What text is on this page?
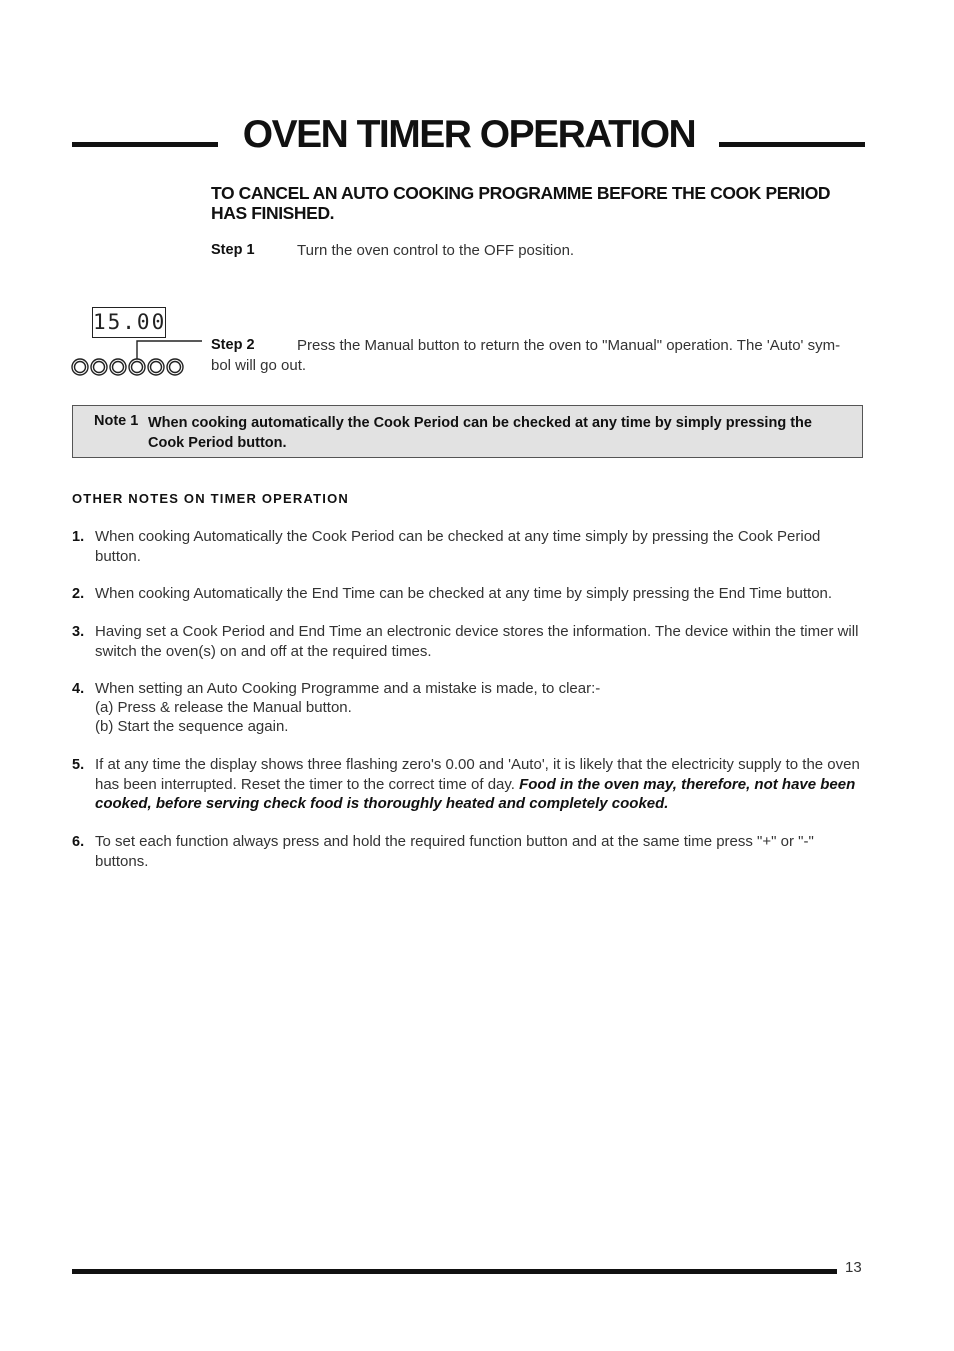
OVEN TIMER OPERATION
TO CANCEL AN AUTO COOKING PROGRAMME BEFORE THE COOK PERIOD HAS FINISHED.
Step 1	Turn the oven control to the OFF position.
15.00
Step 2	Press the Manual button to return the oven to "Manual" operation. The 'Auto' sym-
bol will go out.
Note 1 When cooking automatically the Cook Period can be checked at any time by simply pressing the Cook Period button.
OTHER NOTES ON TIMER OPERATION
1. When cooking Automatically the Cook Period can be checked at any time simply by pressing the Cook Period button.
2. When cooking Automatically the End Time can be checked at any time by simply pressing the End Time button.
3. Having set a Cook Period and End Time an electronic device stores the information. The device within the timer will switch the oven(s) on and off at the required times.
4. When setting an Auto Cooking Programme and a mistake is made, to clear:-
(a) Press & release the Manual button.
(b) Start the sequence again.
5. If at any time the display shows three flashing zero's 0.00 and 'Auto', it is likely that the electricity supply to the oven has been interrupted. Reset the timer to the correct time of day. Food in the oven may, therefore, not have been cooked, before serving check food is thoroughly heated and completely cooked.
6. To set each function always press and hold the required function button and at the same time press "+" or "-" buttons.
13
